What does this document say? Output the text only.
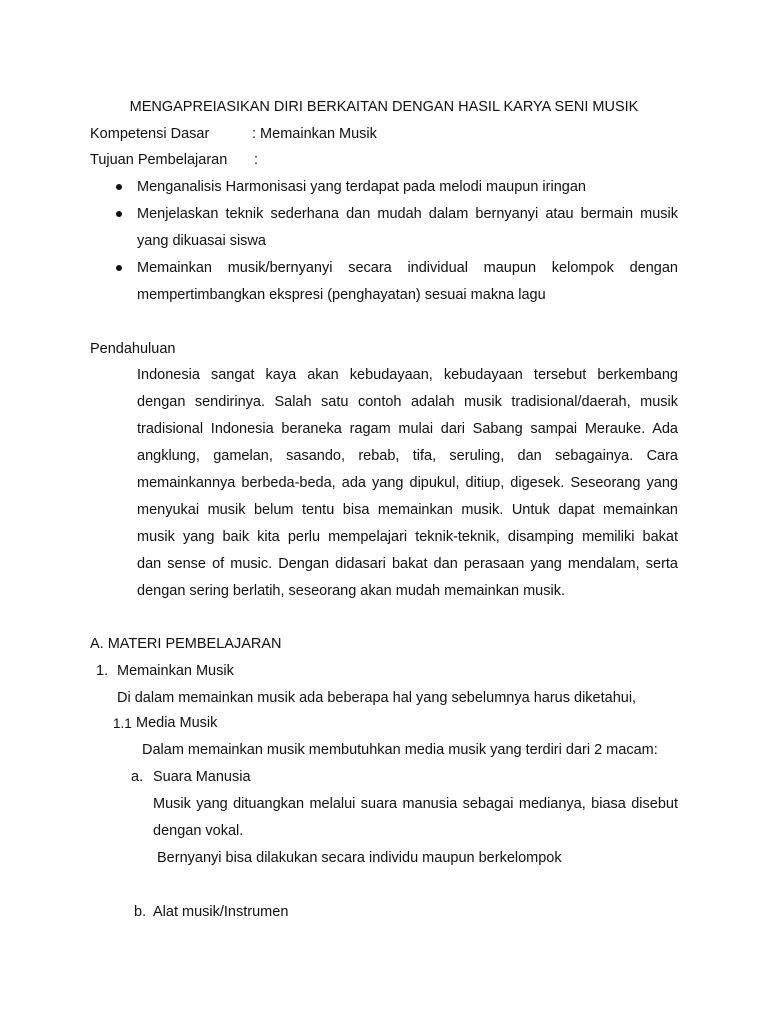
MENGAPREIASIKAN DIRI BERKAITAN DENGAN HASIL KARYA SENI MUSIK
Kompetensi Dasar	: Memainkan Musik
Tujuan Pembelajaran :
Menganalisis Harmonisasi yang terdapat pada melodi maupun iringan
Menjelaskan teknik sederhana dan mudah dalam bernyanyi atau bermain musik
yang dikuasai siswa
Memainkan musik/bernyanyi secara individual maupun kelompok dengan
mempertimbangkan ekspresi (penghayatan) sesuai makna lagu
Pendahuluan
Indonesia sangat kaya akan kebudayaan, kebudayaan tersebut berkembang
dengan sendirinya. Salah satu contoh adalah musik tradisional/daerah, musik
tradisional Indonesia beraneka ragam mulai dari Sabang sampai Merauke. Ada
angklung, gamelan, sasando, rebab, tifa, seruling, dan sebagainya. Cara
memainkannya berbeda-beda, ada yang dipukul, ditiup, digesek. Seseorang yang
menyukai musik belum tentu bisa memainkan musik. Untuk dapat memainkan
musik yang baik kita perlu mempelajari teknik-teknik, disamping memiliki bakat
dan sense of music. Dengan didasari bakat dan perasaan yang mendalam, serta
dengan sering berlatih, seseorang akan mudah memainkan musik.
A. MATERI PEMBELAJARAN
1. Memainkan Musik
Di dalam memainkan musik ada beberapa hal yang sebelumnya harus diketahui,
1.1 Media Musik
Dalam memainkan musik membutuhkan media musik yang terdiri dari 2 macam:
a. Suara Manusia
Musik yang dituangkan melalui suara manusia sebagai medianya, biasa disebut
dengan vokal.
Bernyanyi bisa dilakukan secara individu maupun berkelompok
b. Alat musik/Instrumen
